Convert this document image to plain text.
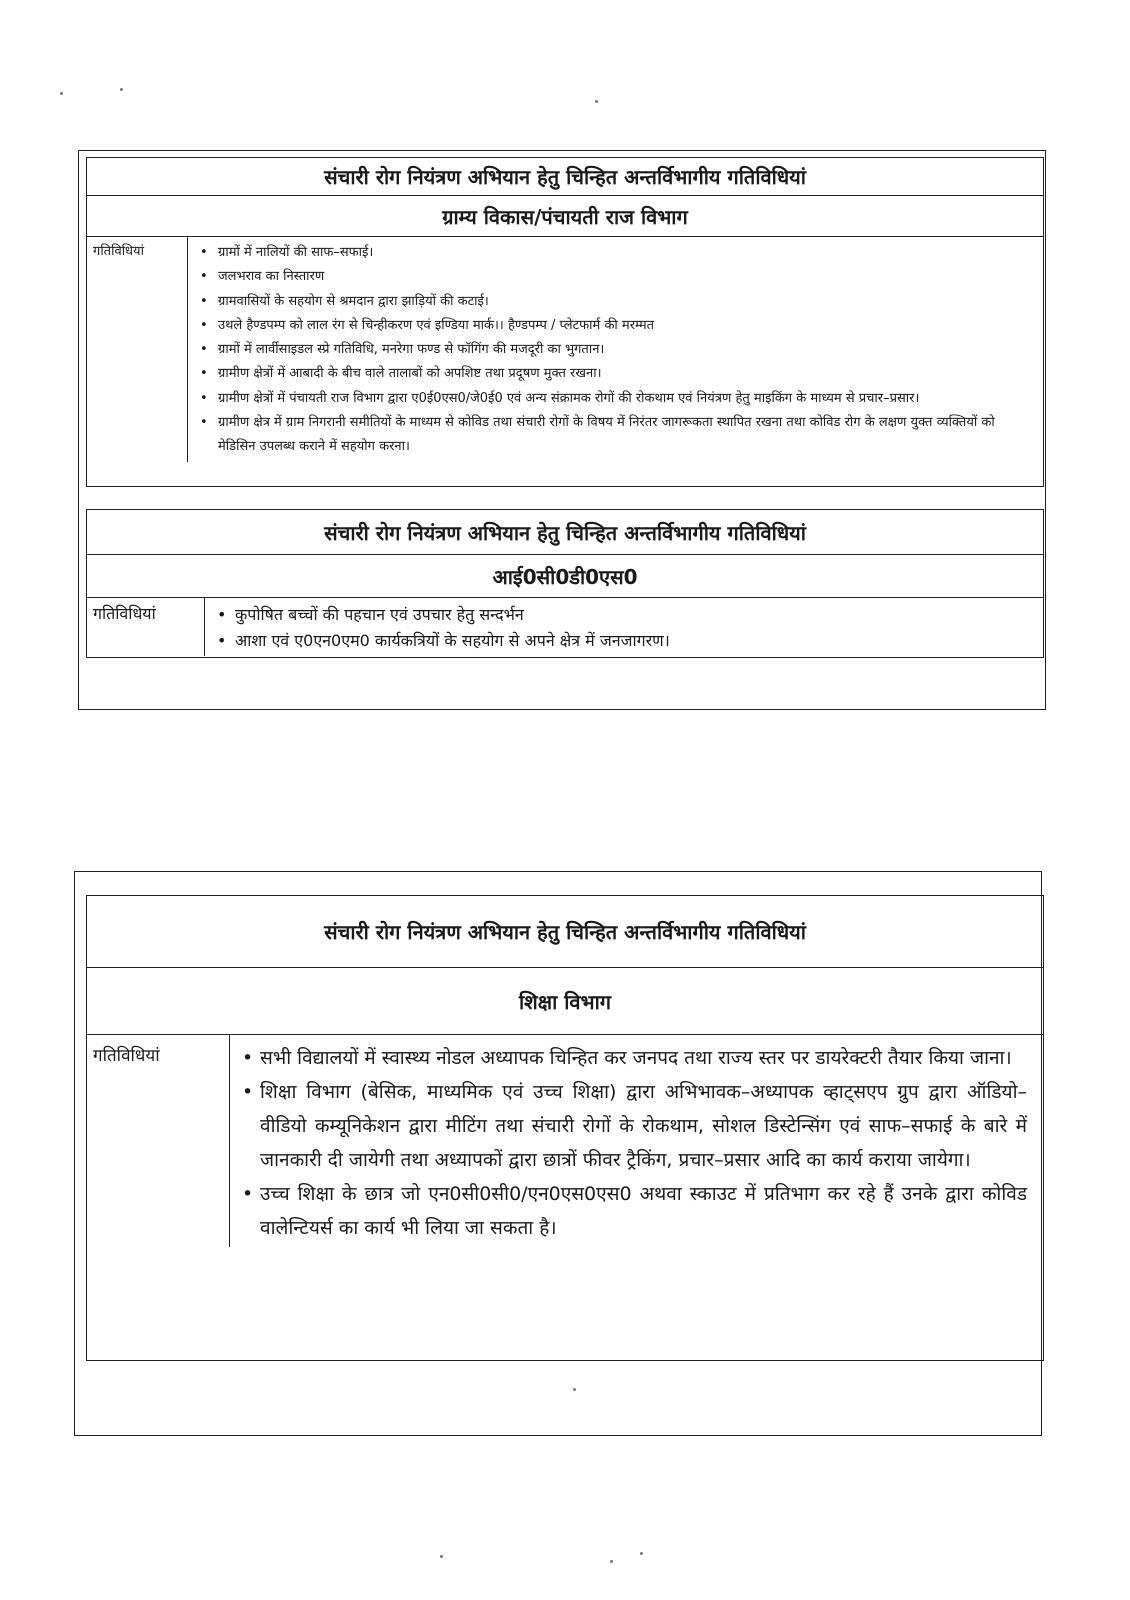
संचारी रोग नियंत्रण अभियान हेतु चिन्हित अन्तर्विभागीय गतिविधियां
ग्राम्य विकास/पंचायती राज विभाग
गतिविधियां	• ग्रामों में नालियों की साफ–सफाई।
• जलभराव का निस्तारण
• ग्रामवासियों के सहयोग से श्रमदान द्वारा झाड़ियों की कटाई।
• उथले हैण्डपम्प को लाल रंग से चिन्हीकरण एवं इण्डिया मार्क।। हैण्डपम्प / प्लेटफार्म की मरम्मत
• ग्रामों में लार्वीसाइडल स्प्रे गतिविधि, मनरेगा फण्ड से फॉगिंग की मजदूरी का भुगतान।
• ग्रामीण क्षेत्रों में आबादी के बीच वाले तालाबों को अपशिष्ट तथा प्रदूषण मुक्त रखना।
• ग्रामीण क्षेत्रों में पंचायती राज विभाग द्वारा ए0ई0एस0/जे0ई0 एवं अन्य संक्रामक रोगों की रोकथाम एवं नियंत्रण हेतु माइकिंग के माध्यम से प्रचार–प्रसार।
• ग्रामीण क्षेत्र में ग्राम निगरानी समीतियों के माध्यम से कोविड तथा संचारी रोगों के विषय में निरंतर जागरूकता स्थापित रखना तथा कोविड रोग के लक्षण युक्त व्यक्तियों को मेडिसिन उपलब्ध कराने में सहयोग करना।
संचारी रोग नियंत्रण अभियान हेतु चिन्हित अन्तर्विभागीय गतिविधियां
आई0सी0डी0एस0
गतिविधियां	• कुपोषित बच्चों की पहचान एवं उपचार हेतु सन्दर्भन
• आशा एवं ए0एन0एम0 कार्यकत्रियों के सहयोग से अपने क्षेत्र में जनजागरण।
संचारी रोग नियंत्रण अभियान हेतु चिन्हित अन्तर्विभागीय गतिविधियां
शिक्षा विभाग
गतिविधियां	• सभी विद्यालयों में स्वास्थ्य नोडल अध्यापक चिन्हित कर जनपद तथा राज्य स्तर पर डायरेक्टरी तैयार किया जाना।
• शिक्षा विभाग (बेसिक, माध्यमिक एवं उच्च शिक्षा) द्वारा अभिभावक–अध्यापक व्हाट्सएप ग्रुप द्वारा ऑडियो–वीडियो कम्यूनिकेशन द्वारा मीटिंग तथा संचारी रोगों के रोकथाम, सोशल डिस्टेन्सिंग एवं साफ–सफाई के बारे में जानकारी दी जायेगी तथा अध्यापकों द्वारा छात्रों फीवर ट्रैकिंग, प्रचार–प्रसार आदि का कार्य कराया जायेगा।
• उच्च शिक्षा के छात्र जो एन0सी0सी0/एन0एस0एस0 अथवा स्काउट में प्रतिभाग कर रहे हैं उनके द्वारा कोविड वालेन्टियर्स का कार्य भी लिया जा सकता है।
